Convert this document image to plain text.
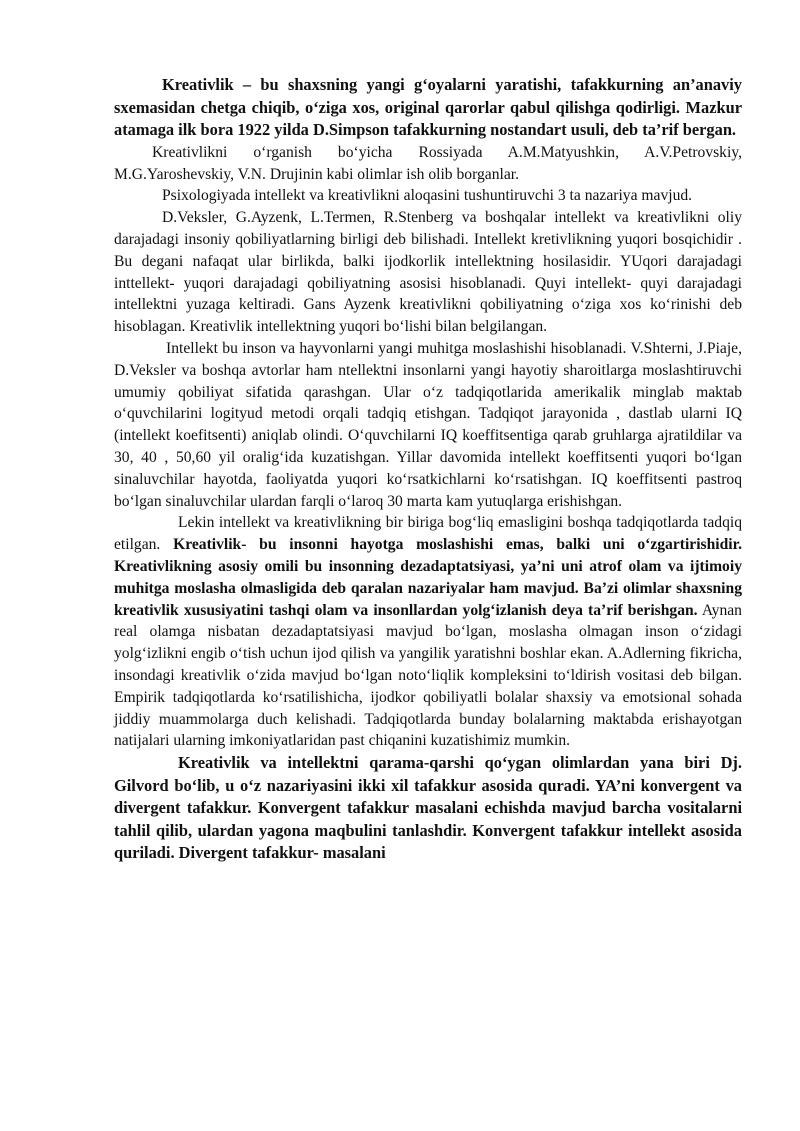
Kreativlik – bu shaxsning yangi g‘oyalarni yaratishi, tafakkurning an’anaviy sxemasidan chetga chiqib, o‘ziga xos, original qarorlar qabul qilishga qodirligi. Mazkur atamaga ilk bora 1922 yilda D.Simpson tafakkurning nostandart usuli, deb ta’rif bergan.

Kreativlikni o‘rganish bo‘yicha Rossiyada A.M.Matyushkin, A.V.Petrovskiy, M.G.Yaroshevskiy, V.N. Drujinin kabi olimlar ish olib borganlar.

Psixologiyada intellekt va kreativlikni aloqasini tushuntiruvchi 3 ta nazariya mavjud.

D.Veksler, G.Ayzenk, L.Termen, R.Stenberg va boshqalar intellekt va kreativlikni oliy darajadagi insoniy qobiliyatlarning birligi deb bilishadi. Intellekt kretivlikning yuqori bosqichidir . Bu degani nafaqat ular birlikda, balki ijodkorlik intellektning hosilasidir. YUqori darajadagi inttellekt- yuqori darajadagi qobiliyatning asosisi hisoblanadi. Quyi intellekt- quyi darajadagi intellektni yuzaga keltiradi. Gans Ayzenk kreativlikni qobiliyatning o‘ziga xos ko‘rinishi deb hisoblagan. Kreativlik intellektning yuqori bo‘lishi bilan belgilangan.

Intellekt bu inson va hayvonlarni yangi muhitga moslashishi hisoblanadi. V.Shterni, J.Piaje, D.Veksler va boshqa avtorlar ham ntellektni insonlarni yangi hayotiy sharoitlarga moslashtiruvchi umumiy qobiliyat sifatida qarashgan. Ular o‘z tadqiqotlarida amerikalik minglab maktab o‘quvchilarini logityud metodi orqali tadqiq etishgan. Tadqiqot jarayonida , dastlab ularni IQ (intellekt koefitsenti) aniqlab olindi. O‘quvchilarni IQ koeffitsentiga qarab gruhlarga ajratildilar va 30, 40 , 50,60 yil oralig‘ida kuzatishgan. Yillar davomida intellekt koeffitsenti yuqori bo‘lgan sinaluvchilar hayotda, faoliyatda yuqori ko‘rsatkichlarni ko‘rsatishgan. IQ koeffitsenti pastroq bo‘lgan sinaluvchilar ulardan farqli o‘laroq 30 marta kam yutuqlarga erishishgan.

Lekin intellekt va kreativlikning bir biriga bog‘liq emasligini boshqa tadqiqotlarda tadqiq etilgan. Kreativlik- bu insonni hayotga moslashishi emas, balki uni o‘zgartirishidir. Kreativlikning asosiy omili bu insonning dezadaptatsiyasi, ya’ni uni atrof olam va ijtimoiy muhitga moslasha olmasligida deb qaralan nazariyalar ham mavjud. Ba’zi olimlar shaxsning kreativlik xususiyatini tashqi olam va insonllardan yolg‘izlanish deya ta’rif berishgan. Aynan real olamga nisbatan dezadaptatsiyasi mavjud bo‘lgan, moslasha olmagan inson o‘zidagi yolg‘izlikni engib o‘tish uchun ijod qilish va yangilik yaratishni boshlar ekan. A.Adlerning fikricha, insondagi kreativlik o‘zida mavjud bo‘lgan noto‘liqlik kompleksini to‘ldirish vositasi deb bilgan. Empirik tadqiqotlarda ko‘rsatilishicha, ijodkor qobiliyatli bolalar shaxsiy va emotsional sohada jiddiy muammolarga duch kelishadi. Tadqiqotlarda bunday bolalarning maktabda erishayotgan natijalari ularning imkoniyatlaridan past chiqanini kuzatishimiz mumkin.

Kreativlik va intellektni qarama-qarshi qo‘ygan olimlardan yana biri Dj. Gilvord bo‘lib, u o‘z nazariyasini ikki xil tafakkur asosida quradi. YA’ni konvergent va divergent tafakkur. Konvergent tafakkur masalani echishda mavjud barcha vositalarni tahlil qilib, ulardan yagona maqbulini tanlashdir. Konvergent tafakkur intellekt asosida quriladi. Divergent tafakkur- masalani
